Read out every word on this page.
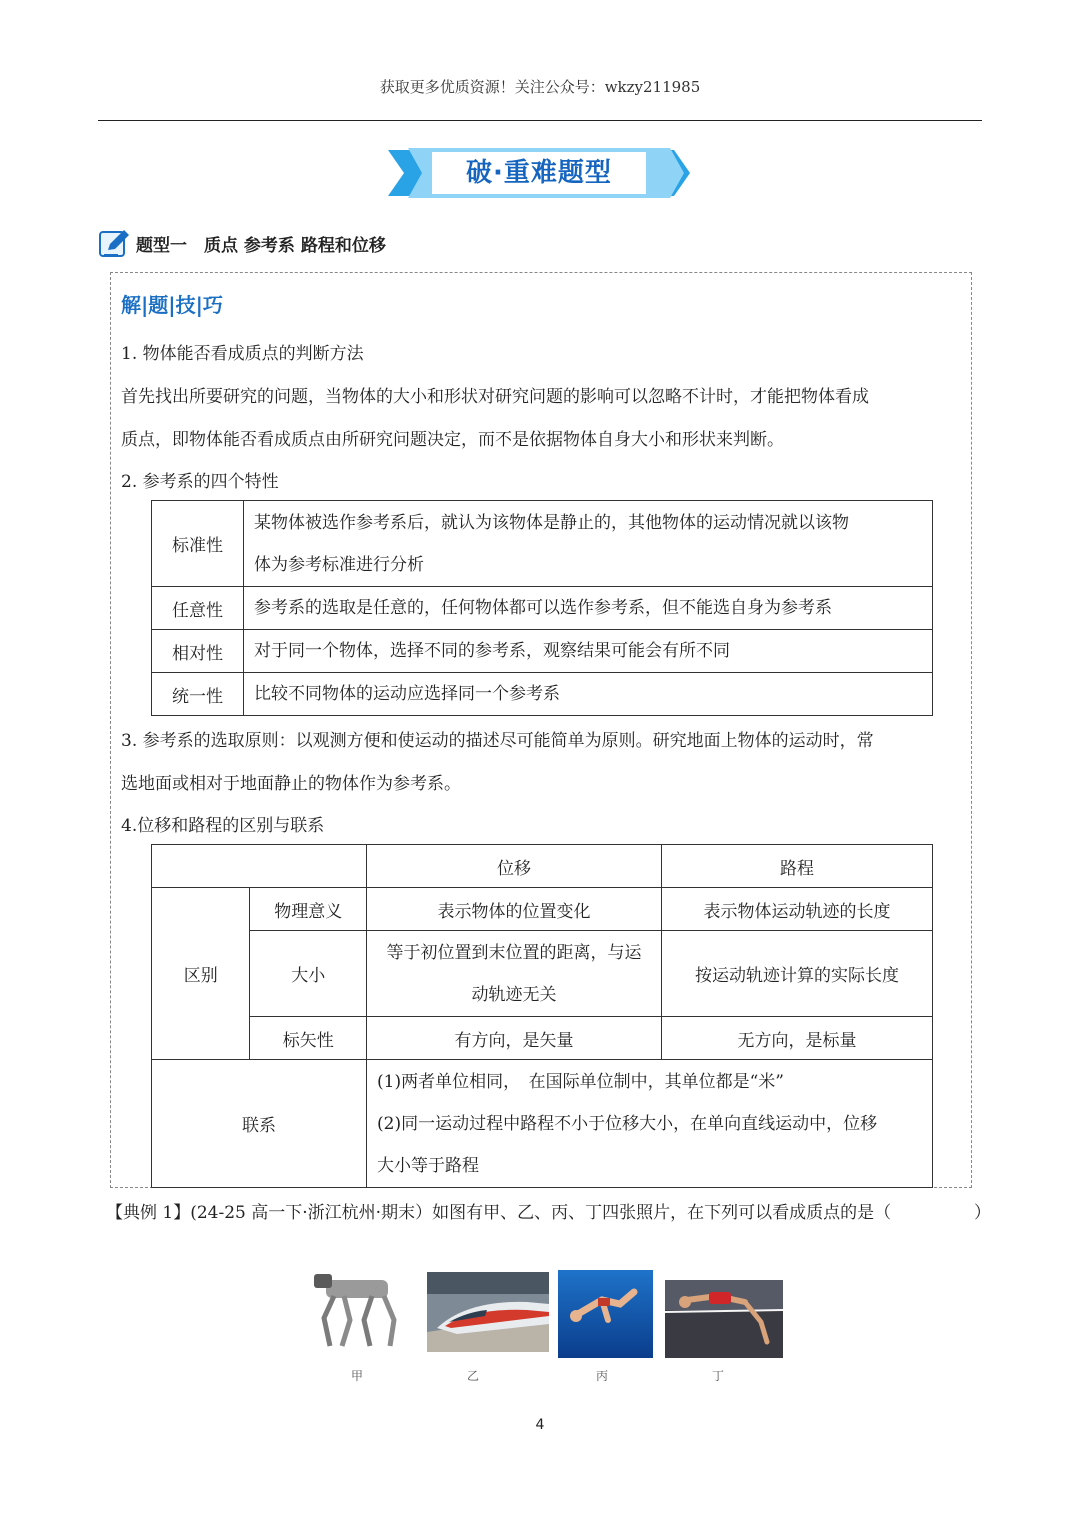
获取更多优质资源！关注公众号：wkzy211985
破·重难题型
题型一　质点 参考系 路程和位移
解|题|技|巧
1. 物体能否看成质点的判断方法
首先找出所要研究的问题，当物体的大小和形状对研究问题的影响可以忽略不计时，才能把物体看成
质点，即物体能否看成质点由所研究问题决定，而不是依据物体自身大小和形状来判断。
2. 参考系的四个特性
标准性	某物体被选作参考系后，就认为该物体是静止的，其他物体的运动情况就以该物
体为参考标准进行分析

任意性	参考系的选取是任意的，任何物体都可以选作参考系，但不能选自身为参考系
相对性	对于同一个物体，选择不同的参考系，观察结果可能会有所不同
统一性	比较不同物体的运动应选择同一个参考系
3. 参考系的选取原则：以观测方便和使运动的描述尽可能简单为原则。研究地面上物体的运动时，常
选地面或相对于地面静止的物体作为参考系。
4.位移和路程的区别与联系
		位移	路程
区别	物理意义	表示物体的位置变化	表示物体运动轨迹的长度
	大小	等于初位置到末位置的距离，与运
动轨迹无关	按运动轨迹计算的实际长度
	标矢性	有方向，是矢量	无方向，是标量
联系		(1)两者单位相同，　在国际单位制中，其单位都是“米”
(2)同一运动过程中路程不小于位移大小，在单向直线运动中，位移
大小等于路程	
【典例 1】(24-25 高一下·浙江杭州·期末）如图有甲、乙、丙、丁四张照片，在下列可以看成质点的是（	）
甲	乙	丙	丁
4
